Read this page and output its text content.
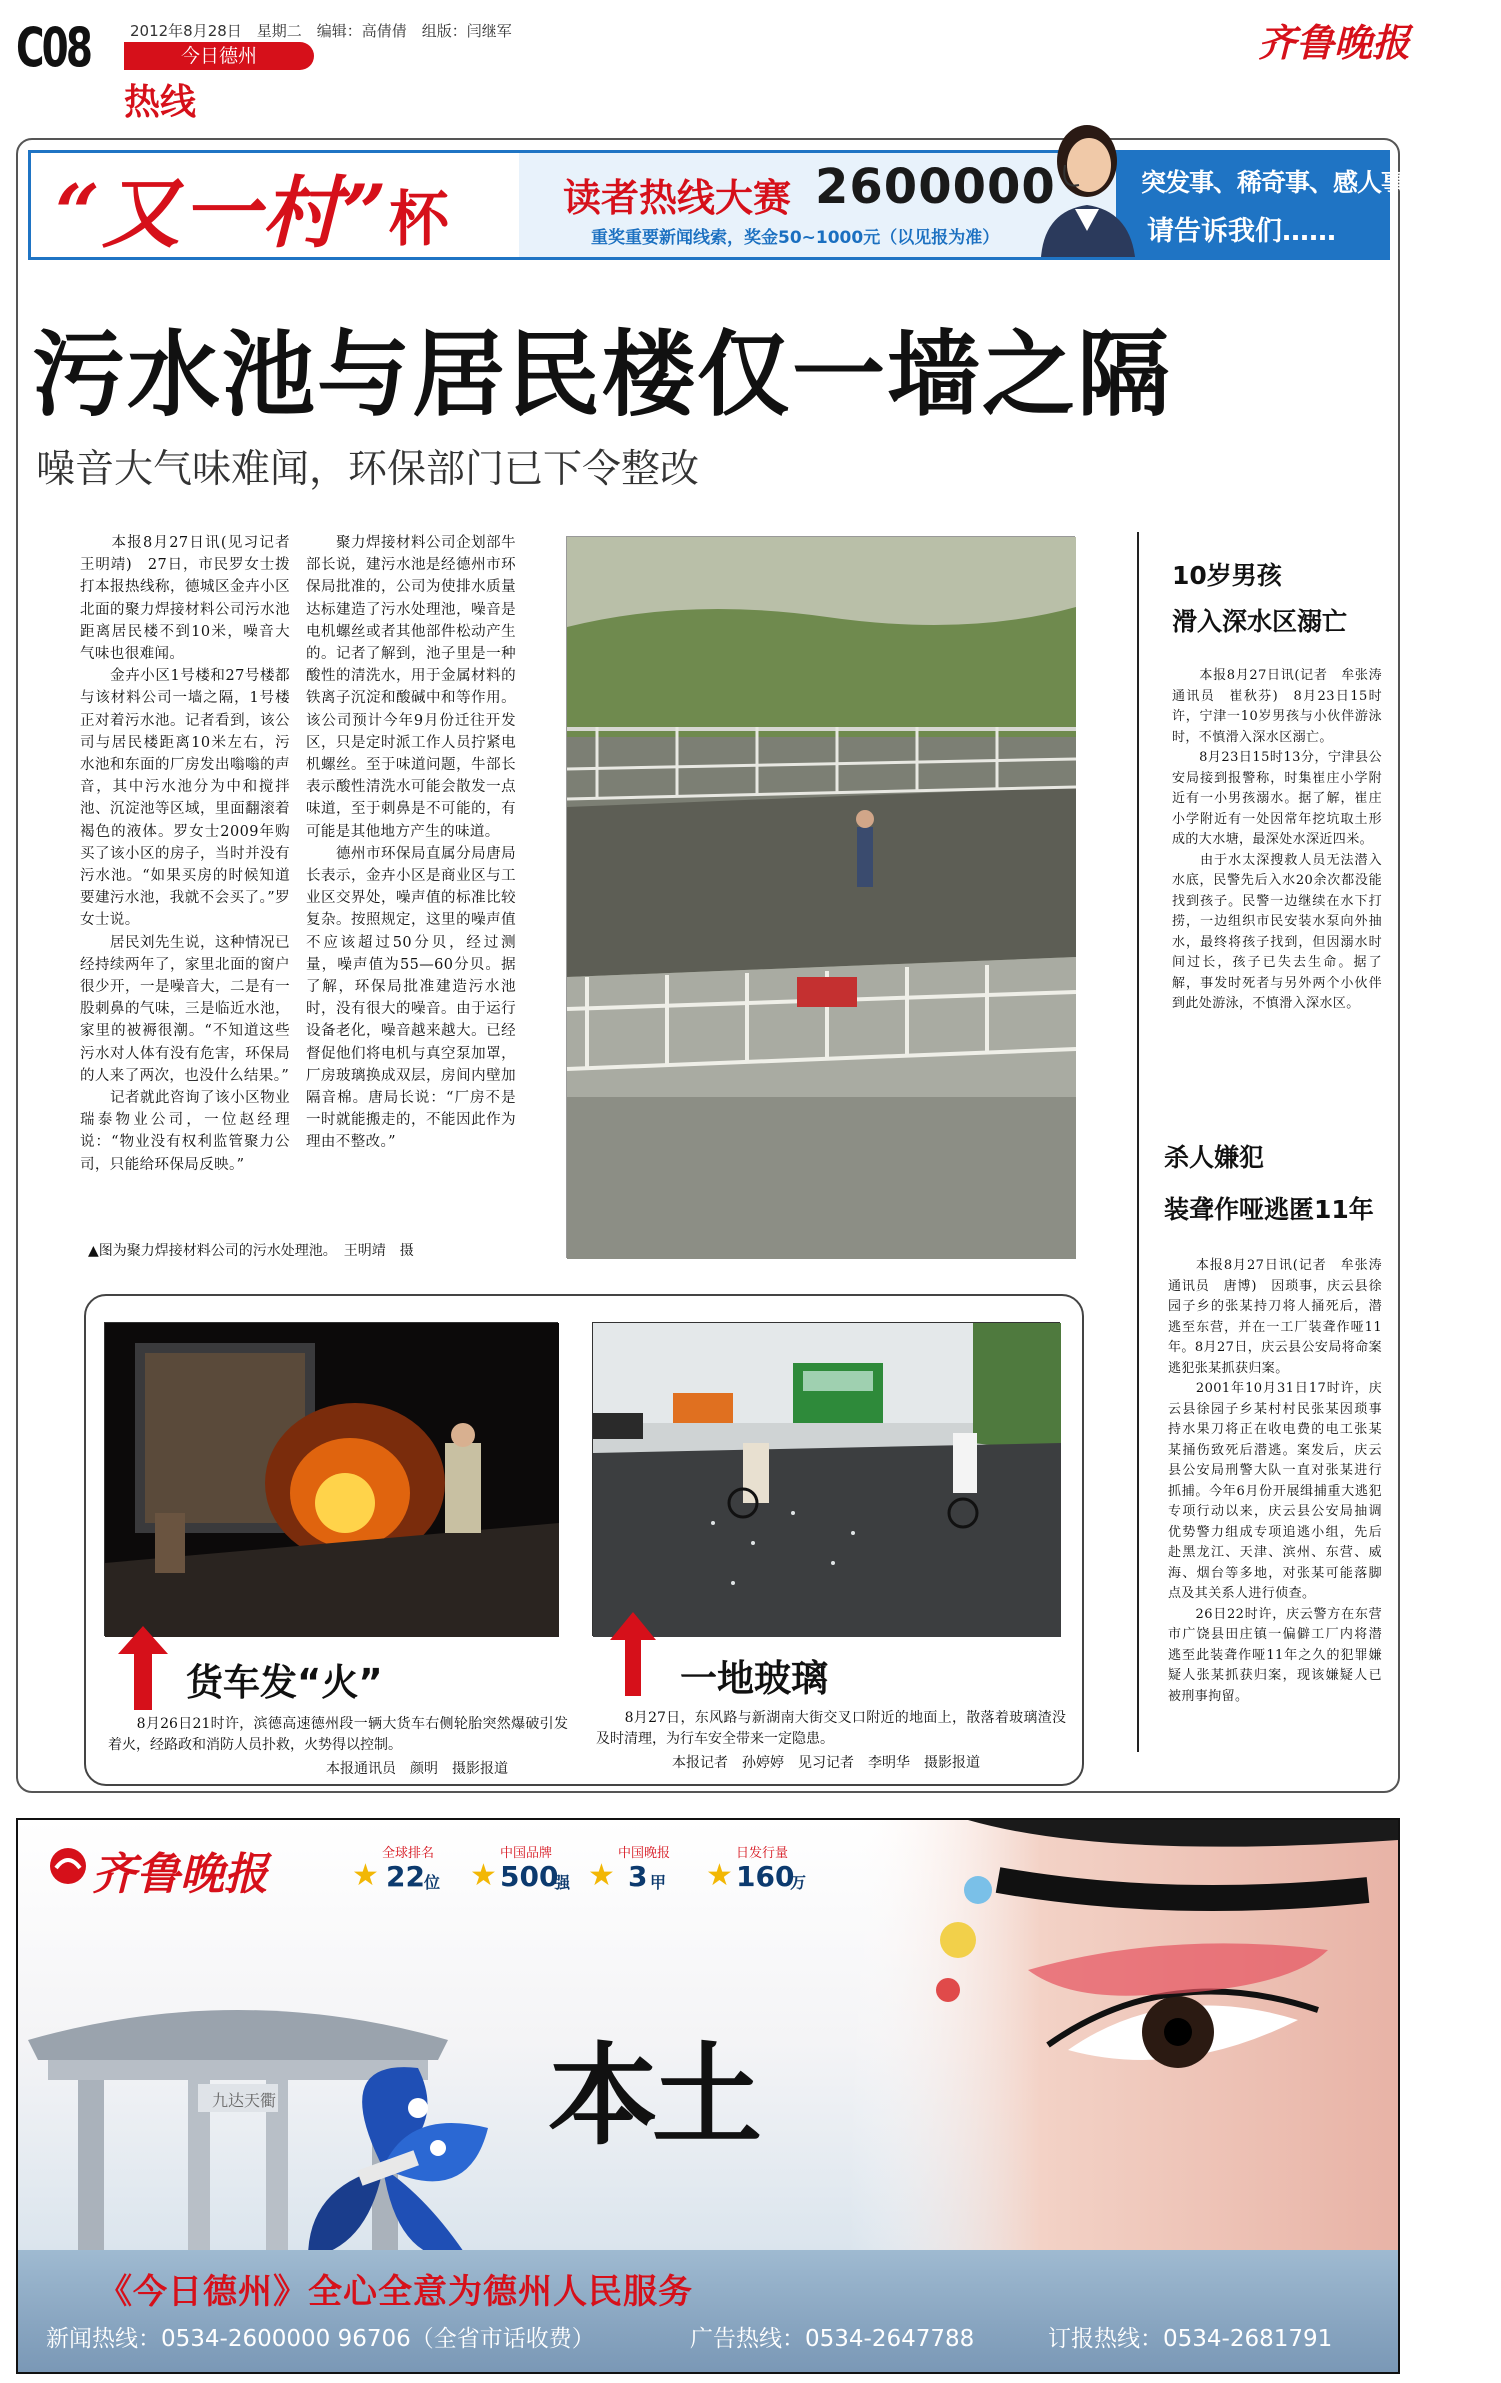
C08	2012年8月28日　星期二　编辑：高倩倩　组版：闫继军
今日德州
热线
齐鲁晚报
“又一村”杯	读者热线大赛 2600000
重奖重要新闻线索，奖金50~1000元（以见报为准）
突发事、稀奇事、感人事、新鲜事
请告诉我们……
污水池与居民楼仅一墙之隔
噪音大气味难闻，环保部门已下令整改
　　本报8月27日讯(见习记者　王明靖)　27日，市民罗女士拨打本报热线称，德城区金卉小区北面的聚力焊接材料公司污水池距离居民楼不到10米，噪音大气味也很难闻。
　　金卉小区1号楼和27号楼都与该材料公司一墙之隔，1号楼正对着污水池。记者看到，该公司与居民楼距离10米左右，污水池和东面的厂房发出嗡嗡的声音，其中污水池分为中和搅拌池、沉淀池等区域，里面翻滚着褐色的液体。罗女士2009年购买了该小区的房子，当时并没有污水池。“如果买房的时候知道要建污水池，我就不会买了。”罗女士说。
　　居民刘先生说，这种情况已经持续两年了，家里北面的窗户很少开，一是噪音大，二是有一股刺鼻的气味，三是临近水池，家里的被褥很潮。“不知道这些污水对人体有没有危害，环保局的人来了两次，也没什么结果。”
　　记者就此咨询了该小区物业瑞泰物业公司，一位赵经理说：“物业没有权利监管聚力公司，只能给环保局反映。”
　　聚力焊接材料公司企划部牛部长说，建污水池是经德州市环保局批准的，公司为使排水质量达标建造了污水处理池，噪音是电机螺丝或者其他部件松动产生的。记者了解到，池子里是一种酸性的清洗水，用于金属材料的铁离子沉淀和酸碱中和等作用。该公司预计今年9月份迁往开发区，只是定时派工作人员拧紧电机螺丝。至于味道问题，牛部长表示酸性清洗水可能会散发一点味道，至于刺鼻是不可能的，有可能是其他地方产生的味道。
　　德州市环保局直属分局唐局长表示，金卉小区是商业区与工业区交界处，噪声值的标准比较复杂。按照规定，这里的噪声值不应该超过50分贝，经过测量，噪声值为55—60分贝。据了解，环保局批准建造污水池时，没有很大的噪音。由于运行设备老化，噪音越来越大。已经督促他们将电机与真空泵加罩，厂房玻璃换成双层，房间内壁加隔音棉。唐局长说：“厂房不是一时就能搬走的，不能因此作为理由不整改。”
▲图为聚力焊接材料公司的污水处理池。　王明靖　摄
10岁男孩
滑入深水区溺亡
　　本报8月27日讯(记者　牟张涛　通讯员　崔秋芬)　8月23日15时许，宁津一10岁男孩与小伙伴游泳时，不慎滑入深水区溺亡。
　　8月23日15时13分，宁津县公安局接到报警称，时集崔庄小学附近有一小男孩溺水。据了解，崔庄小学附近有一处因常年挖坑取土形成的大水塘，最深处水深近四米。
　　由于水太深搜救人员无法潜入水底，民警先后入水20余次都没能找到孩子。民警一边继续在水下打捞，一边组织市民安装水泵向外抽水，最终将孩子找到，但因溺水时间过长，孩子已失去生命。据了解，事发时死者与另外两个小伙伴到此处游泳，不慎滑入深水区。
杀人嫌犯
装聋作哑逃匿11年
　　本报8月27日讯(记者　牟张涛　通讯员　唐博)　因琐事，庆云县徐园子乡的张某持刀将人捅死后，潜逃至东营，并在一工厂装聋作哑11年。8月27日，庆云县公安局将命案逃犯张某抓获归案。
　　2001年10月31日17时许，庆云县徐园子乡某村村民张某因琐事持水果刀将正在收电费的电工张某某捅伤致死后潜逃。案发后，庆云县公安局刑警大队一直对张某进行抓捕。今年6月份开展缉捕重大逃犯专项行动以来，庆云县公安局抽调优势警力组成专项追逃小组，先后赴黑龙江、天津、滨州、东营、威海、烟台等多地，对张某可能落脚点及其关系人进行侦查。
　　26日22时许，庆云警方在东营市广饶县田庄镇一偏僻工厂内将潜逃至此装聋作哑11年之久的犯罪嫌疑人张某抓获归案，现该嫌疑人已被刑事拘留。
货车发“火”
　　8月26日21时许，滨德高速德州段一辆大货车右侧轮胎突然爆破引发着火，经路政和消防人员扑救，火势得以控制。
本报通讯员　颜明　摄影报道
一地玻璃
　　8月27日，东风路与新湖南大街交叉口附近的地面上，散落着玻璃渣没及时清理，为行车安全带来一定隐患。
本报记者　孙婷婷　见习记者　李明华　摄影报道
九达天衢
齐鲁晚报	★
全球排名
22 位 ★
中国品牌
500
强 ★
中国晚报
3 甲 ★
日发行量
160
万
本土
《今日德州》全心全意为德州人民服务
新闻热线：0534-2600000 96706（全省市话收费）	广告热线：0534-2647788	订报热线：0534-2681791
